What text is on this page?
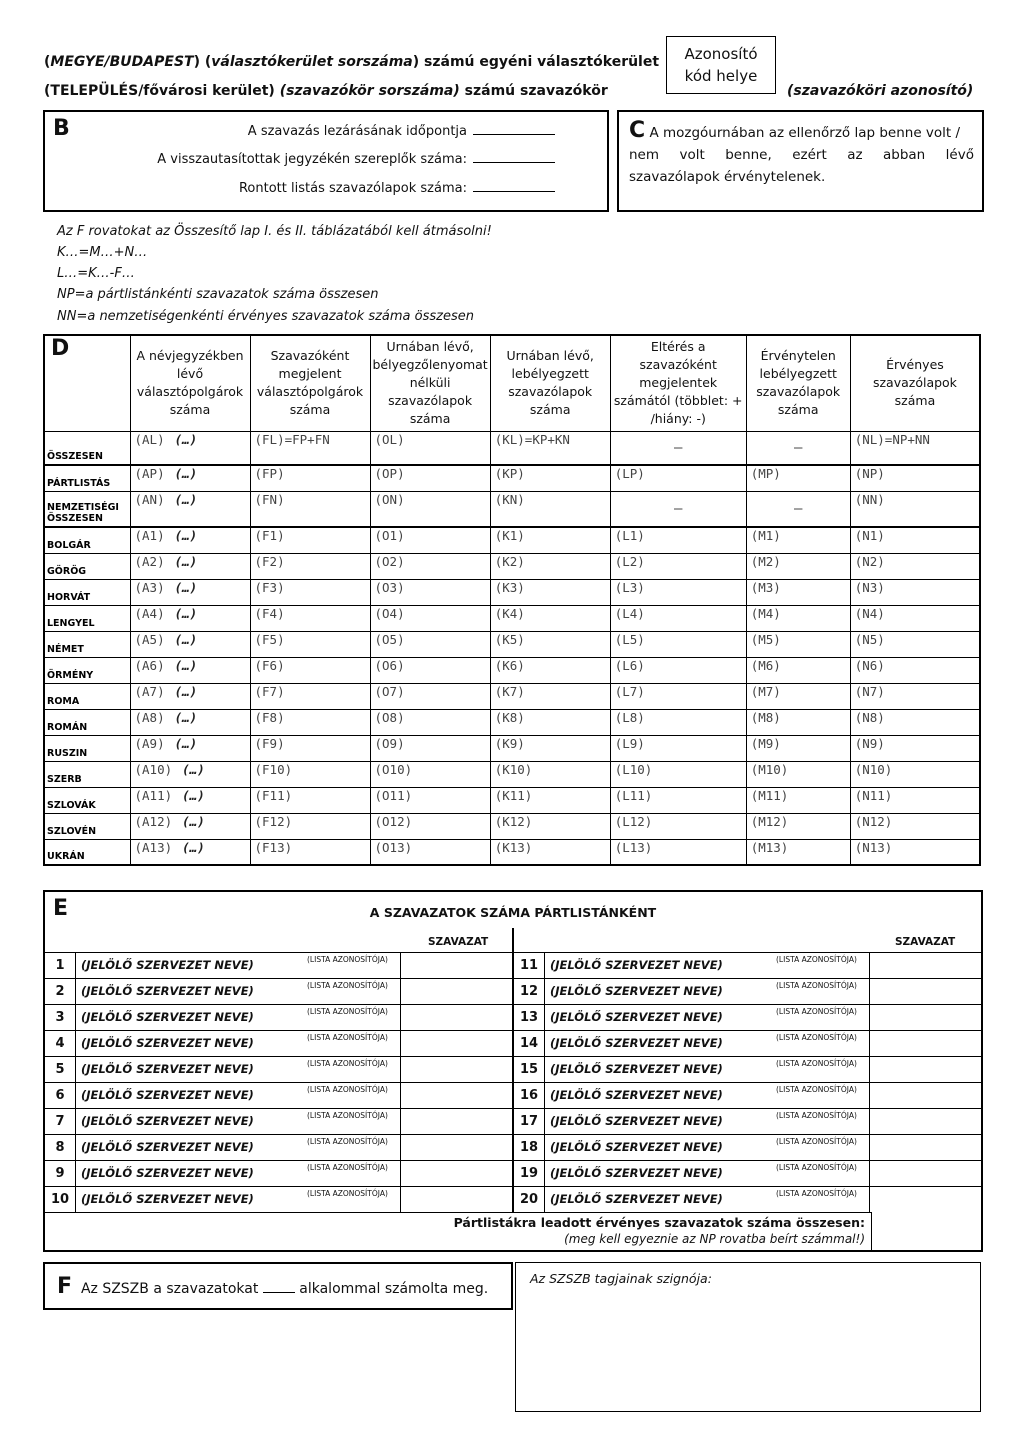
(MEGYE/BUDAPEST) (választókerület sorszáma) számú egyéni választókerület
(TELEPÜLÉS/fővárosi kerület) (szavazókör sorszáma) számú szavazókör
Azonosító
kód helye
(szavazóköri azonosító)
B	A szavazás lezárásának időpontja
A visszautasítottak jegyzékén szereplők száma:
Rontott listás szavazólapok száma:
C A mozgóurnában az ellenőrző lap benne volt /
nem volt benne, ezért az abban lévő
szavazólapok érvénytelenek.
Az F rovatokat az Összesítő lap I. és II. táblázatából kell átmásolni!
K…=M…+N…
L…=K…-F…
NP=a pártlistánkénti szavazatok száma összesen
NN=a nemzetiségenkénti érvényes szavazatok száma összesen
D	A névjegyzékben lévő választópolgárok száma	Szavazóként megjelent választópolgárok száma	Urnában lévő, bélyegzőlenyomat nélküli szavazólapok száma	Urnában lévő, lebélyegzett szavazólapok száma	Eltérés a szavazóként megjelentek számától (többlet: + /hiány: -)	Érvénytelen lebélyegzett szavazólapok száma	Érvényes szavazólapok száma
ÖSSZESEN	(AL) (…)	(FL)=FP+FN	(OL)	(KL)=KP+KN	—	—	(NL)=NP+NN
PÁRTLISTÁS	(AP) (…)	(FP)	(OP)	(KP)	(LP)	(MP)	(NP)
NEMZETISÉGI ÖSSZESEN	(AN) (…)	(FN)	(ON)	(KN)	—	—	(NN)
BOLGÁR	(A1) (…)	(F1)	(O1)	(K1)	(L1)	(M1)	(N1)
GÖRÖG	(A2) (…)	(F2)	(O2)	(K2)	(L2)	(M2)	(N2)
HORVÁT	(A3) (…)	(F3)	(O3)	(K3)	(L3)	(M3)	(N3)
LENGYEL	(A4) (…)	(F4)	(O4)	(K4)	(L4)	(M4)	(N4)
NÉMET	(A5) (…)	(F5)	(O5)	(K5)	(L5)	(M5)	(N5)
ÖRMÉNY	(A6) (…)	(F6)	(O6)	(K6)	(L6)	(M6)	(N6)
ROMA	(A7) (…)	(F7)	(O7)	(K7)	(L7)	(M7)	(N7)
ROMÁN	(A8) (…)	(F8)	(O8)	(K8)	(L8)	(M8)	(N8)
RUSZIN	(A9) (…)	(F9)	(O9)	(K9)	(L9)	(M9)	(N9)
SZERB	(A10) (…)	(F10)	(O10)	(K10)	(L10)	(M10)	(N10)
SZLOVÁK	(A11) (…)	(F11)	(O11)	(K11)	(L11)	(M11)	(N11)
SZLOVÉN	(A12) (…)	(F12)	(O12)	(K12)	(L12)	(M12)	(N12)
UKRÁN	(A13) (…)	(F13)	(O13)	(K13)	(L13)	(M13)	(N13)
E	A SZAVAZATOK SZÁMA PÁRTLISTÁNKÉNT
SZAVAZAT	SZAVAZAT
1	(JELÖLŐ SZERVEZET NEVE)	(LISTA AZONOSÍTÓJA)
2	(JELÖLŐ SZERVEZET NEVE)	(LISTA AZONOSÍTÓJA)
3	(JELÖLŐ SZERVEZET NEVE)	(LISTA AZONOSÍTÓJA)
4	(JELÖLŐ SZERVEZET NEVE)	(LISTA AZONOSÍTÓJA)
5	(JELÖLŐ SZERVEZET NEVE)	(LISTA AZONOSÍTÓJA)
6	(JELÖLŐ SZERVEZET NEVE)	(LISTA AZONOSÍTÓJA)
7	(JELÖLŐ SZERVEZET NEVE)	(LISTA AZONOSÍTÓJA)
8	(JELÖLŐ SZERVEZET NEVE)	(LISTA AZONOSÍTÓJA)
9	(JELÖLŐ SZERVEZET NEVE)	(LISTA AZONOSÍTÓJA)
10	(JELÖLŐ SZERVEZET NEVE)	(LISTA AZONOSÍTÓJA)
11	(JELÖLŐ SZERVEZET NEVE)	(LISTA AZONOSÍTÓJA)
12	(JELÖLŐ SZERVEZET NEVE)	(LISTA AZONOSÍTÓJA)
13	(JELÖLŐ SZERVEZET NEVE)	(LISTA AZONOSÍTÓJA)
14	(JELÖLŐ SZERVEZET NEVE)	(LISTA AZONOSÍTÓJA)
15	(JELÖLŐ SZERVEZET NEVE)	(LISTA AZONOSÍTÓJA)
16	(JELÖLŐ SZERVEZET NEVE)	(LISTA AZONOSÍTÓJA)
17	(JELÖLŐ SZERVEZET NEVE)	(LISTA AZONOSÍTÓJA)
18	(JELÖLŐ SZERVEZET NEVE)	(LISTA AZONOSÍTÓJA)
19	(JELÖLŐ SZERVEZET NEVE)	(LISTA AZONOSÍTÓJA)
20	(JELÖLŐ SZERVEZET NEVE)	(LISTA AZONOSÍTÓJA)
Pártlistákra leadott érvényes szavazatok száma összesen:
(meg kell egyeznie az NP rovatba beírt számmal!)
F Az SZSZB a szavazatokat	alkalommal számolta meg.
Az SZSZB tagjainak szignója:
